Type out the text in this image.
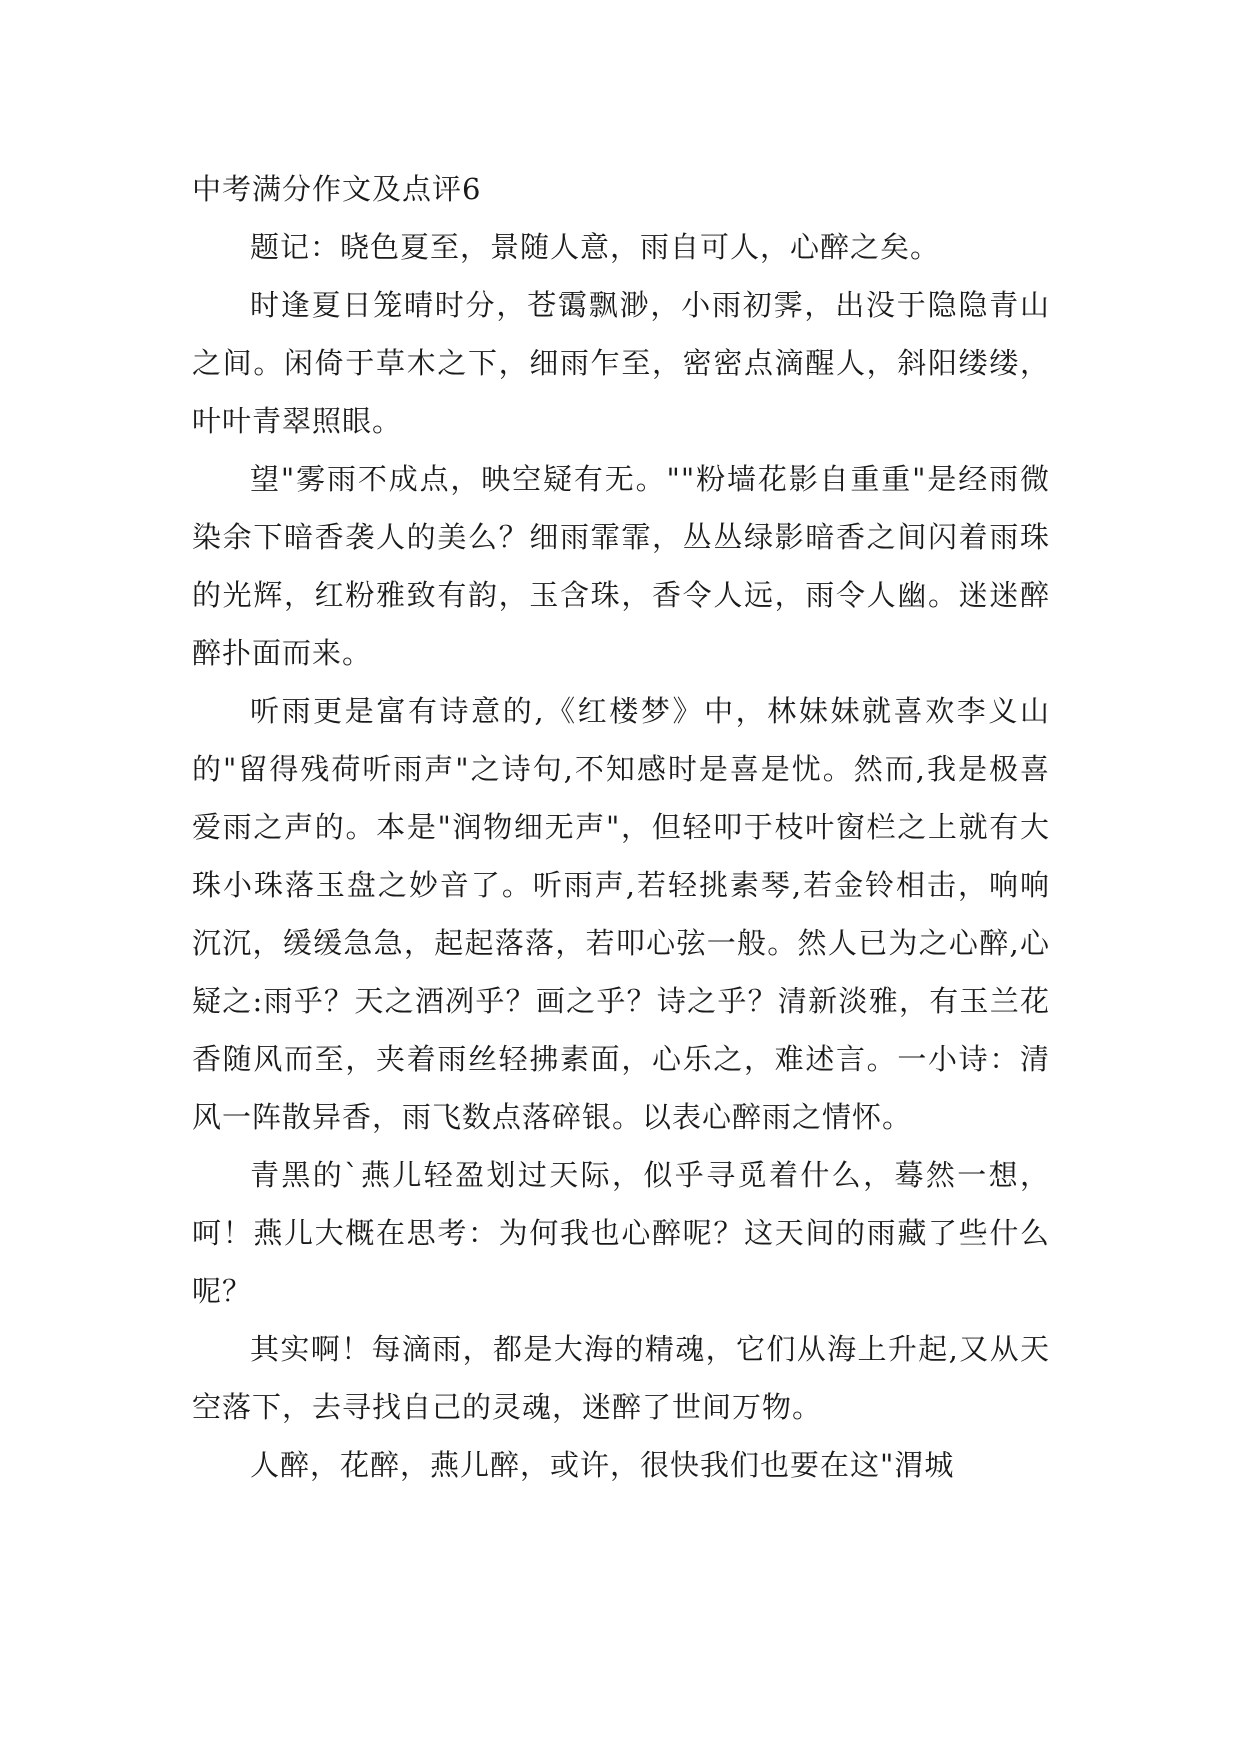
中考满分作文及点评6

题记：晓色夏至，景随人意，雨自可人，心醉之矣。

时逢夏日笼晴时分，苍霭飘渺，小雨初霁，出没于隐隐青山之间。闲倚于草木之下，细雨乍至，密密点滴醒人，斜阳缕缕，叶叶青翠照眼。

望"雾雨不成点，映空疑有无。""粉墙花影自重重"是经雨微染余下暗香袭人的美么？细雨霏霏，丛丛绿影暗香之间闪着雨珠的光辉，红粉雅致有韵，玉含珠，香令人远，雨令人幽。迷迷醉醉扑面而来。

听雨更是富有诗意的,《红楼梦》中，林妹妹就喜欢李义山的"留得残荷听雨声"之诗句,不知感时是喜是忧。然而,我是极喜爱雨之声的。本是"润物细无声"，但轻叩于枝叶窗栏之上就有大珠小珠落玉盘之妙音了。听雨声,若轻挑素琴,若金铃相击，响响沉沉，缓缓急急，起起落落，若叩心弦一般。然人已为之心醉,心疑之:雨乎？天之酒冽乎？画之乎？诗之乎？清新淡雅，有玉兰花香随风而至，夹着雨丝轻拂素面，心乐之，难述言。一小诗：清风一阵散异香，雨飞数点落碎银。以表心醉雨之情怀。

青黑的`燕儿轻盈划过天际，似乎寻觅着什么，蓦然一想，呵！燕儿大概在思考：为何我也心醉呢？这天间的雨藏了些什么呢？

其实啊！每滴雨，都是大海的精魂，它们从海上升起,又从天空落下，去寻找自己的灵魂，迷醉了世间万物。

人醉，花醉，燕儿醉，或许，很快我们也要在这"渭城
